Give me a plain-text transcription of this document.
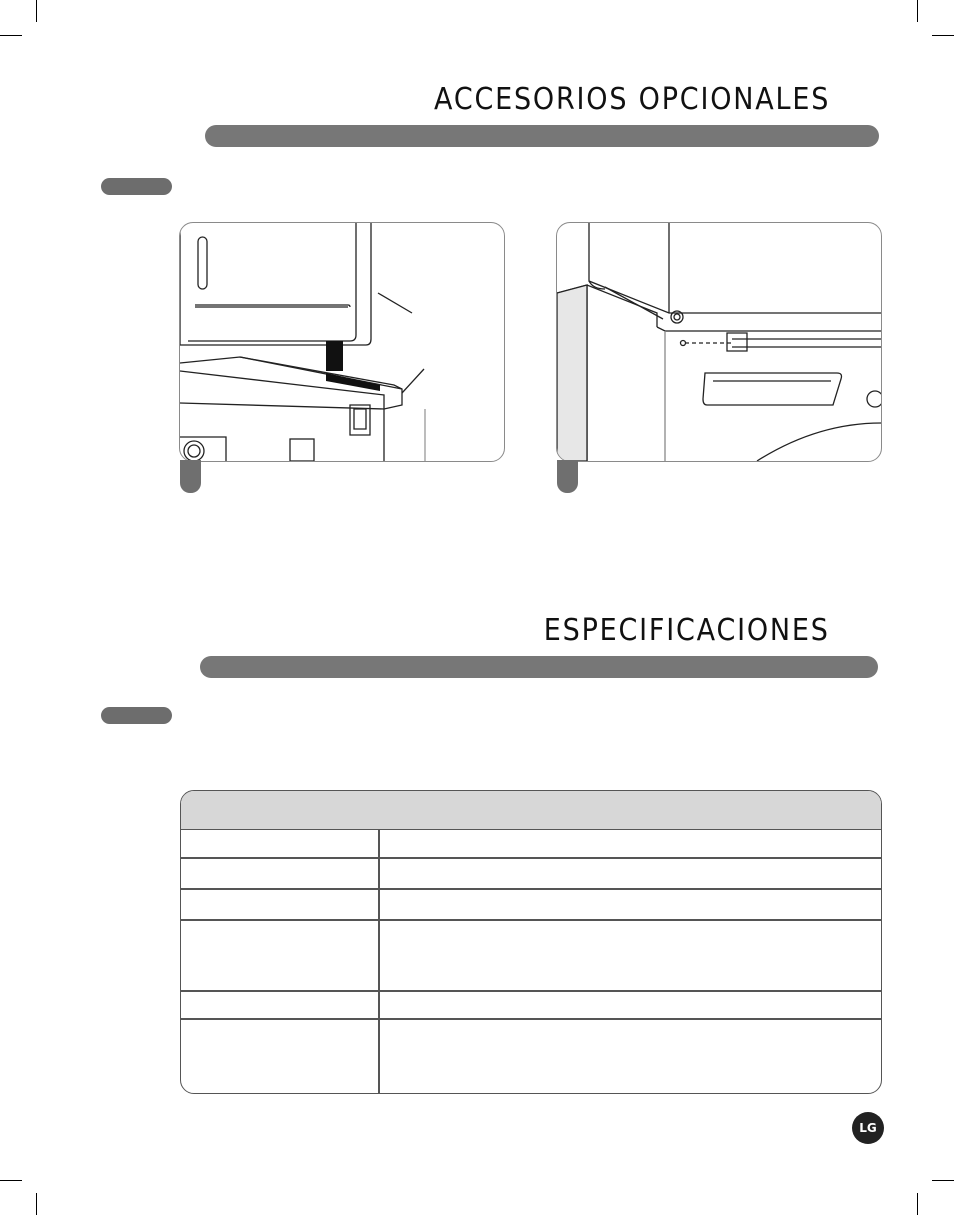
ACCESORIOS OPCIONALES
ESPECIFICACIONES
LG
